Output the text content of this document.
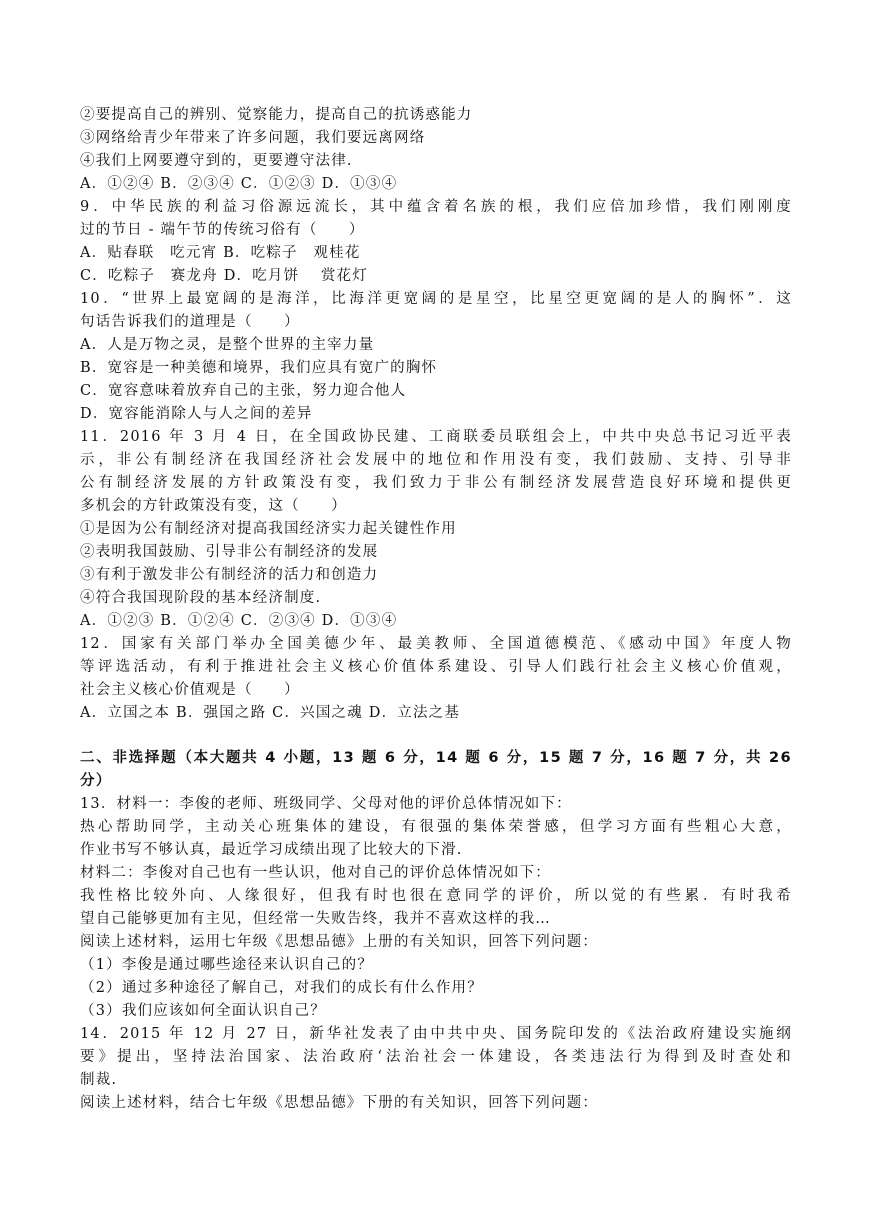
②要提高自己的辨别、觉察能力，提高自己的抗诱惑能力
③网络给青少年带来了许多问题，我们要远离网络
④我们上网要遵守到的，更要遵守法律.
A．①②④ B．②③④ C．①②③ D．①③④
9．中华民族的利益习俗源远流长，其中蕴含着名族的根，我们应倍加珍惜，我们刚刚度
过的节日 - 端午节的传统习俗有（　　）
A．贴春联　吃元宵 B．吃粽子　观桂花
C．吃粽子　赛龙舟 D．吃月饼　 赏花灯
10．“世界上最宽阔的是海洋，比海洋更宽阔的是星空，比星空更宽阔的是人的胸怀”．这
句话告诉我们的道理是（　　）
A．人是万物之灵，是整个世界的主宰力量
B．宽容是一种美德和境界，我们应具有宽广的胸怀
C．宽容意味着放弃自己的主张，努力迎合他人
D．宽容能消除人与人之间的差异
11．2016 年 3 月 4 日，在全国政协民建、工商联委员联组会上，中共中央总书记习近平表
示，非公有制经济在我国经济社会发展中的地位和作用没有变，我们鼓励、支持、引导非
公有制经济发展的方针政策没有变，我们致力于非公有制经济发展营造良好环境和提供更
多机会的方针政策没有变，这（　　）
①是因为公有制经济对提高我国经济实力起关键性作用
②表明我国鼓励、引导非公有制经济的发展
③有利于激发非公有制经济的活力和创造力
④符合我国现阶段的基本经济制度.
A．①②③ B．①②④ C．②③④ D．①③④
12．国家有关部门举办全国美德少年、最美教师、全国道德模范、《感动中国》年度人物
等评选活动，有利于推进社会主义核心价值体系建设、引导人们践行社会主义核心价值观，
社会主义核心价值观是（　　）
A．立国之本 B．强国之路 C．兴国之魂 D．立法之基
二、非选择题（本大题共 4 小题，13 题 6 分，14 题 6 分，15 题 7 分，16 题 7 分，共 26
分）
13．材料一：李俊的老师、班级同学、父母对他的评价总体情况如下：
热心帮助同学，主动关心班集体的建设，有很强的集体荣誉感，但学习方面有些粗心大意，
作业书写不够认真，最近学习成绩出现了比较大的下滑.
材料二：李俊对自己也有一些认识，他对自己的评价总体情况如下：
我性格比较外向、人缘很好，但我有时也很在意同学的评价，所以觉的有些累．有时我希
望自己能够更加有主见，但经常一失败告终，我并不喜欢这样的我…
阅读上述材料，运用七年级《思想品德》上册的有关知识，回答下列问题：
（1）李俊是通过哪些途径来认识自己的？
（2）通过多种途径了解自己，对我们的成长有什么作用？
（3）我们应该如何全面认识自己？
14．2015 年 12 月 27 日，新华社发表了由中共中央、国务院印发的《法治政府建设实施纲
要》提出，坚持法治国家、法治政府‘法治社会一体建设，各类违法行为得到及时查处和
制裁.
阅读上述材料，结合七年级《思想品德》下册的有关知识，回答下列问题：
